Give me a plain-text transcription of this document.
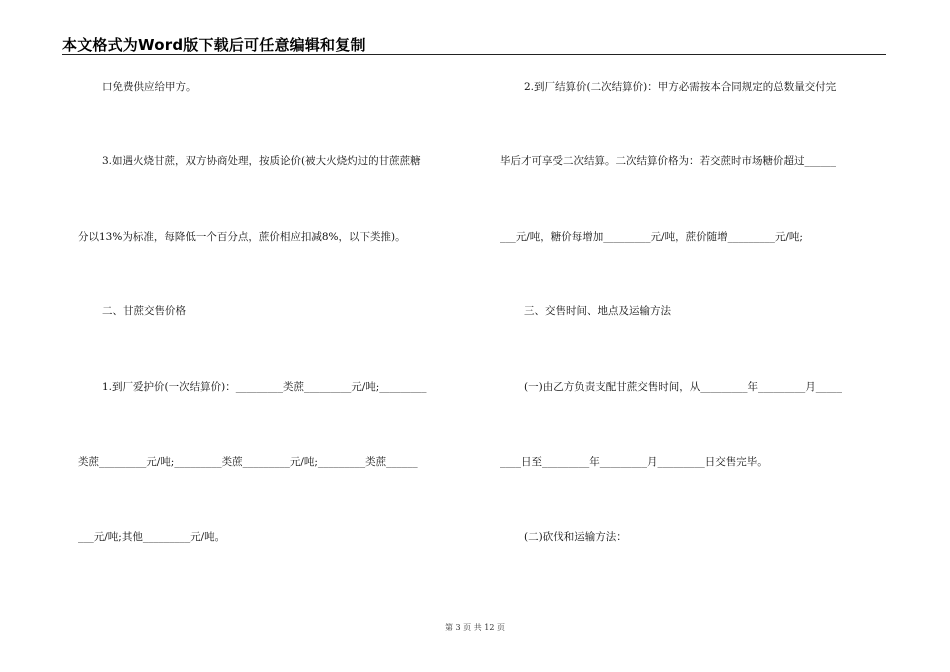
本文格式为Word版下载后可任意编辑和复制
口免费供应给甲方。
3.如遇火烧甘蔗，双方协商处理，按质论价(被大火烧灼过的甘蔗蔗糖
分以13%为标准，每降低一个百分点，蔗价相应扣减8%，以下类推)。
二、甘蔗交售价格
1.到厂爱护价(一次结算价)：_________类蔗_________元/吨;_________
类蔗_________元/吨;_________类蔗_________元/吨;_________类蔗______
___元/吨;其他_________元/吨。
2.到厂结算价(二次结算价)：甲方必需按本合同规定的总数量交付完
毕后才可享受二次结算。二次结算价格为：若交蔗时市场糖价超过______
___元/吨，糖价每增加_________元/吨，蔗价随增_________元/吨;
三、交售时间、地点及运输方法
(一)由乙方负责支配甘蔗交售时间，从_________年_________月_____
____日至_________年_________月_________日交售完毕。
(二)砍伐和运输方法：
第 3 页 共 12 页
